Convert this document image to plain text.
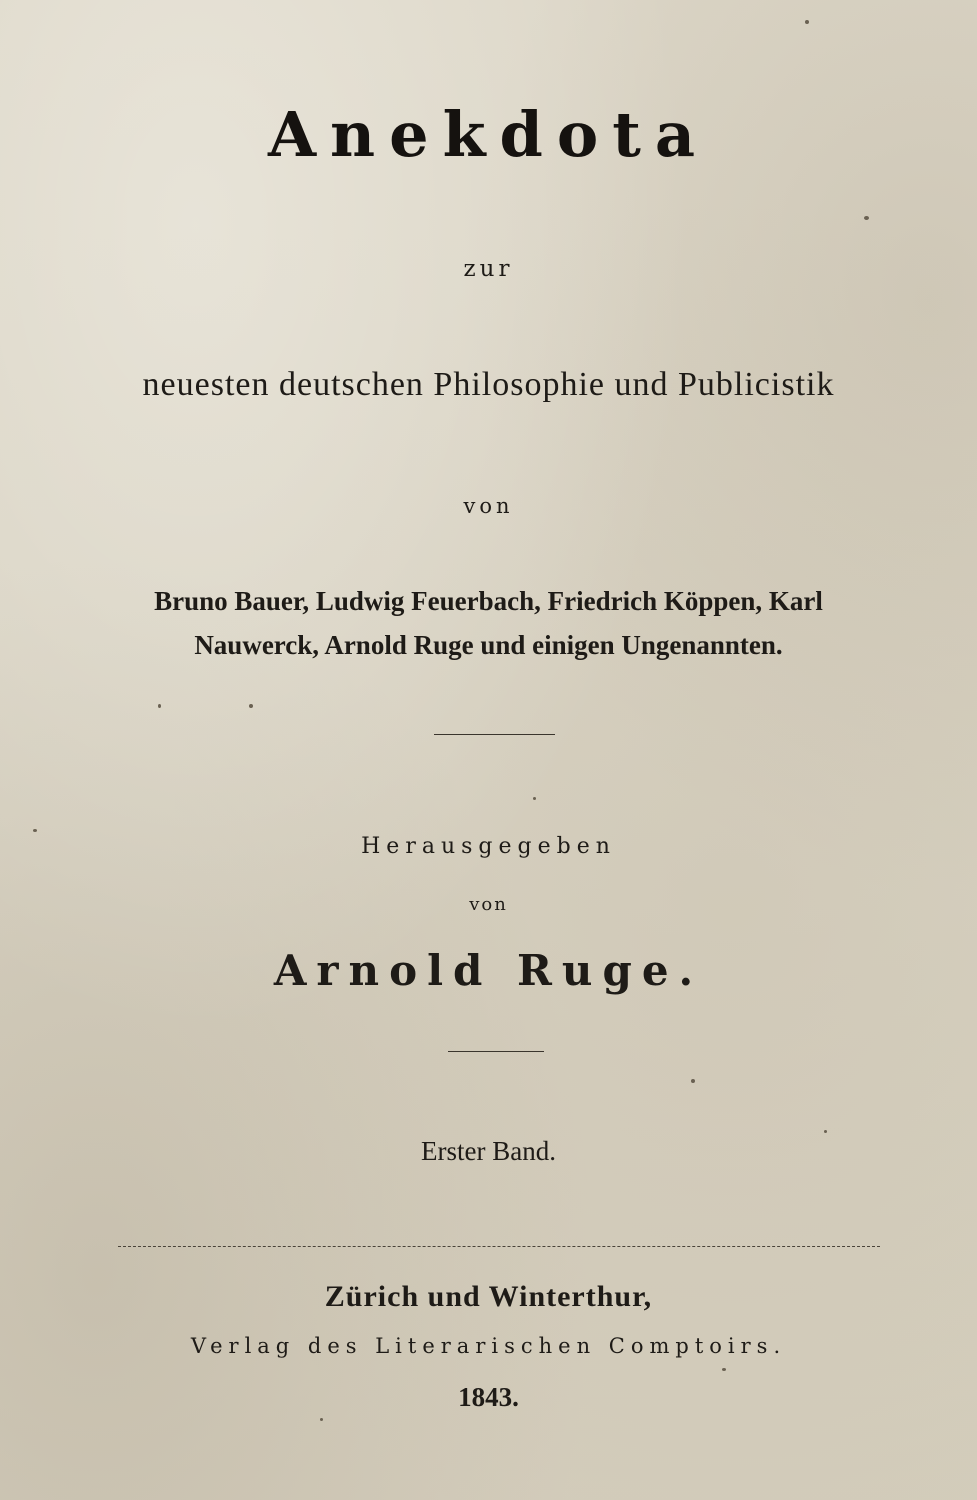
Anekdota
zur
neuesten deutschen Philosophie und Publicistik
von
Bruno Bauer, Ludwig Feuerbach, Friedrich Köppen, Karl
Nauwerck, Arnold Ruge und einigen Ungenannten.
Herausgegeben
von
Arnold Ruge.
Erster Band.
Zürich und Winterthur,
Verlag des Literarischen Comptoirs.
1843.
